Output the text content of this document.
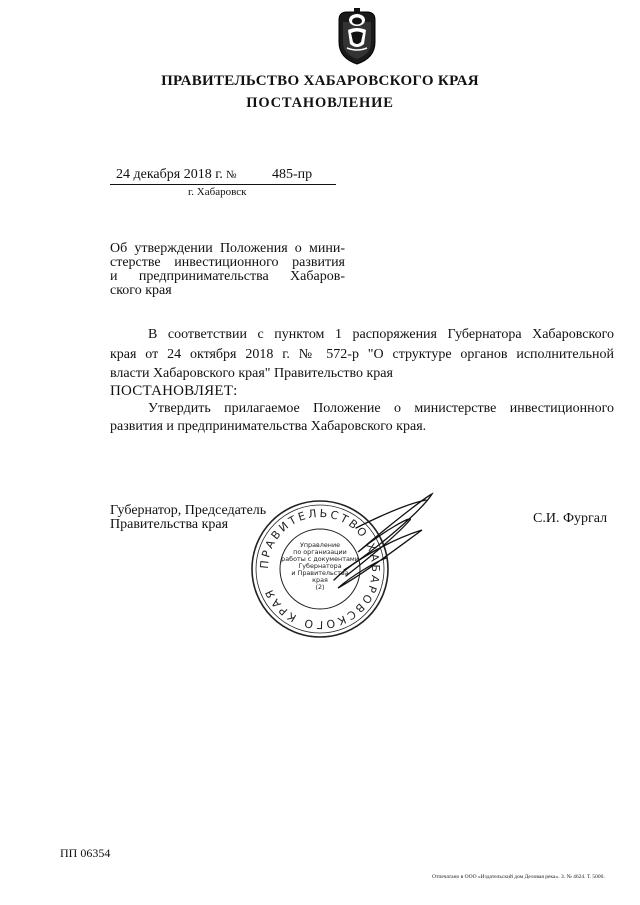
ПРАВИТЕЛЬСТВО ХАБАРОВСКОГО КРАЯ
ПОСТАНОВЛЕНИЕ
24 декабря 2018 г. №	485-пр
г. Хабаровск
Об утверждении Положения о мини-
стерстве инвестиционного развития
и предпринимательства Хабаров-
ского края
В соответствии с пунктом 1 распоряжения Губернатора Хабаровского
края от 24 октября 2018 г. № 572-р "О структуре органов исполнительной
власти Хабаровского края" Правительство края
ПОСТАНОВЛЯЕТ:
Утвердить прилагаемое Положение о министерстве инвестиционного
развития и предпринимательства Хабаровского края.
Губернатор, Председатель
Правительства края	С.И. Фургал
ПРАВИТЕЛЬСТВО ХАБАРОВСКОГО КРАЯ
Управление
по организации
работы с документами
Губернатора
и Правительства
края
(2)
ПП 06354
Отпечатано в ООО «Издательский дом Деловая река». З. № 4624. Т. 5000.
